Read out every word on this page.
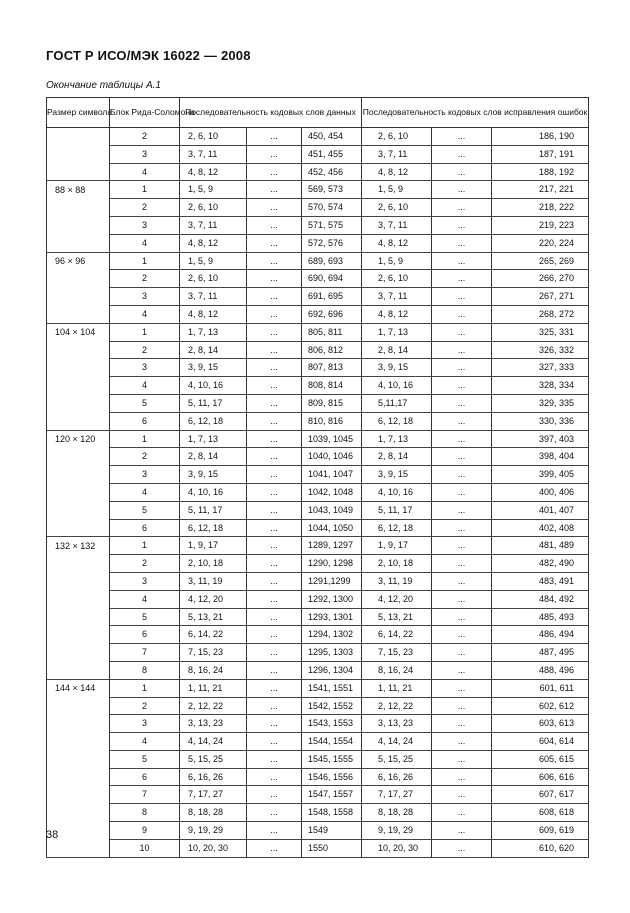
ГОСТ Р ИСО/МЭК 16022 — 2008
Окончание таблицы А.1
Размер символа	Блок Рида-Соломона	Последовательность кодовых слов данных			Последовательность кодовых слов исправления ошибок		
	2	2, 6, 10	...	450, 454	2, 6, 10	...	186, 190
	3	3, 7, 11	...	451, 455	3, 7, 11	...	187, 191
	4	4, 8, 12	...	452, 456	4, 8, 12	...	188, 192
88 × 88	1	1, 5, 9	...	569, 573	1, 5, 9	...	217, 221
	2	2, 6, 10	...	570, 574	2, 6, 10	...	218, 222
	3	3, 7, 11	...	571, 575	3, 7, 11	...	219, 223
	4	4, 8, 12	...	572, 576	4, 8, 12	...	220, 224
96 × 96	1	1, 5, 9	...	689, 693	1, 5, 9	...	265, 269
	2	2, 6, 10	...	690, 694	2, 6, 10	...	266, 270
	3	3, 7, 11	...	691, 695	3, 7, 11	...	267, 271
	4	4, 8, 12	...	692, 696	4, 8, 12	...	268, 272
104 × 104	1	1, 7, 13	...	805, 811	1, 7, 13	...	325, 331
	2	2, 8, 14	...	806, 812	2, 8, 14	...	326, 332
	3	3, 9, 15	...	807, 813	3, 9, 15	...	327, 333
	4	4, 10, 16	...	808, 814	4, 10, 16	...	328, 334
	5	5, 11, 17	...	809, 815	5,11,17	...	329, 335
	6	6, 12, 18	...	810, 816	6, 12, 18	...	330, 336
120 × 120	1	1, 7, 13	...	1039, 1045	1, 7, 13	...	397, 403
	2	2, 8, 14	...	1040, 1046	2, 8, 14	...	398, 404
	3	3, 9, 15	...	1041, 1047	3, 9, 15	...	399, 405
	4	4, 10, 16	...	1042, 1048	4, 10, 16	...	400, 406
	5	5, 11, 17	...	1043, 1049	5, 11, 17	...	401, 407
	6	6, 12, 18	...	1044, 1050	6, 12, 18	...	402, 408
132 × 132	1	1, 9, 17	...	1289, 1297	1, 9, 17	...	481, 489
	2	2, 10, 18	...	1290, 1298	2, 10, 18	...	482, 490
	3	3, 11, 19	...	1291,1299	3, 11, 19	...	483, 491
	4	4, 12, 20	...	1292, 1300	4, 12, 20	...	484, 492
	5	5, 13, 21	...	1293, 1301	5, 13, 21	...	485, 493
	6	6, 14, 22	...	1294, 1302	6, 14, 22	...	486, 494
	7	7, 15, 23	...	1295, 1303	7, 15, 23	...	487, 495
	8	8, 16, 24	...	1296, 1304	8, 16, 24	...	488, 496
144 × 144	1	1, 11, 21	...	1541, 1551	1, 11, 21	...	601, 611
	2	2, 12, 22	...	1542, 1552	2, 12, 22	...	602, 612
	3	3, 13, 23	...	1543, 1553	3, 13, 23	...	603, 613
	4	4, 14, 24	...	1544, 1554	4, 14, 24	...	604, 614
	5	5, 15, 25	...	1545, 1555	5, 15, 25	...	605, 615
	6	6, 16, 26	...	1546, 1556	6, 16, 26	...	606, 616
	7	7, 17, 27	...	1547, 1557	7, 17, 27	...	607, 617
	8	8, 18, 28	...	1548, 1558	8, 18, 28	...	608, 618
	9	9, 19, 29	...	1549	9, 19, 29	...	609, 619
	10	10, 20, 30	...	1550	10, 20, 30	...	610, 620
38
